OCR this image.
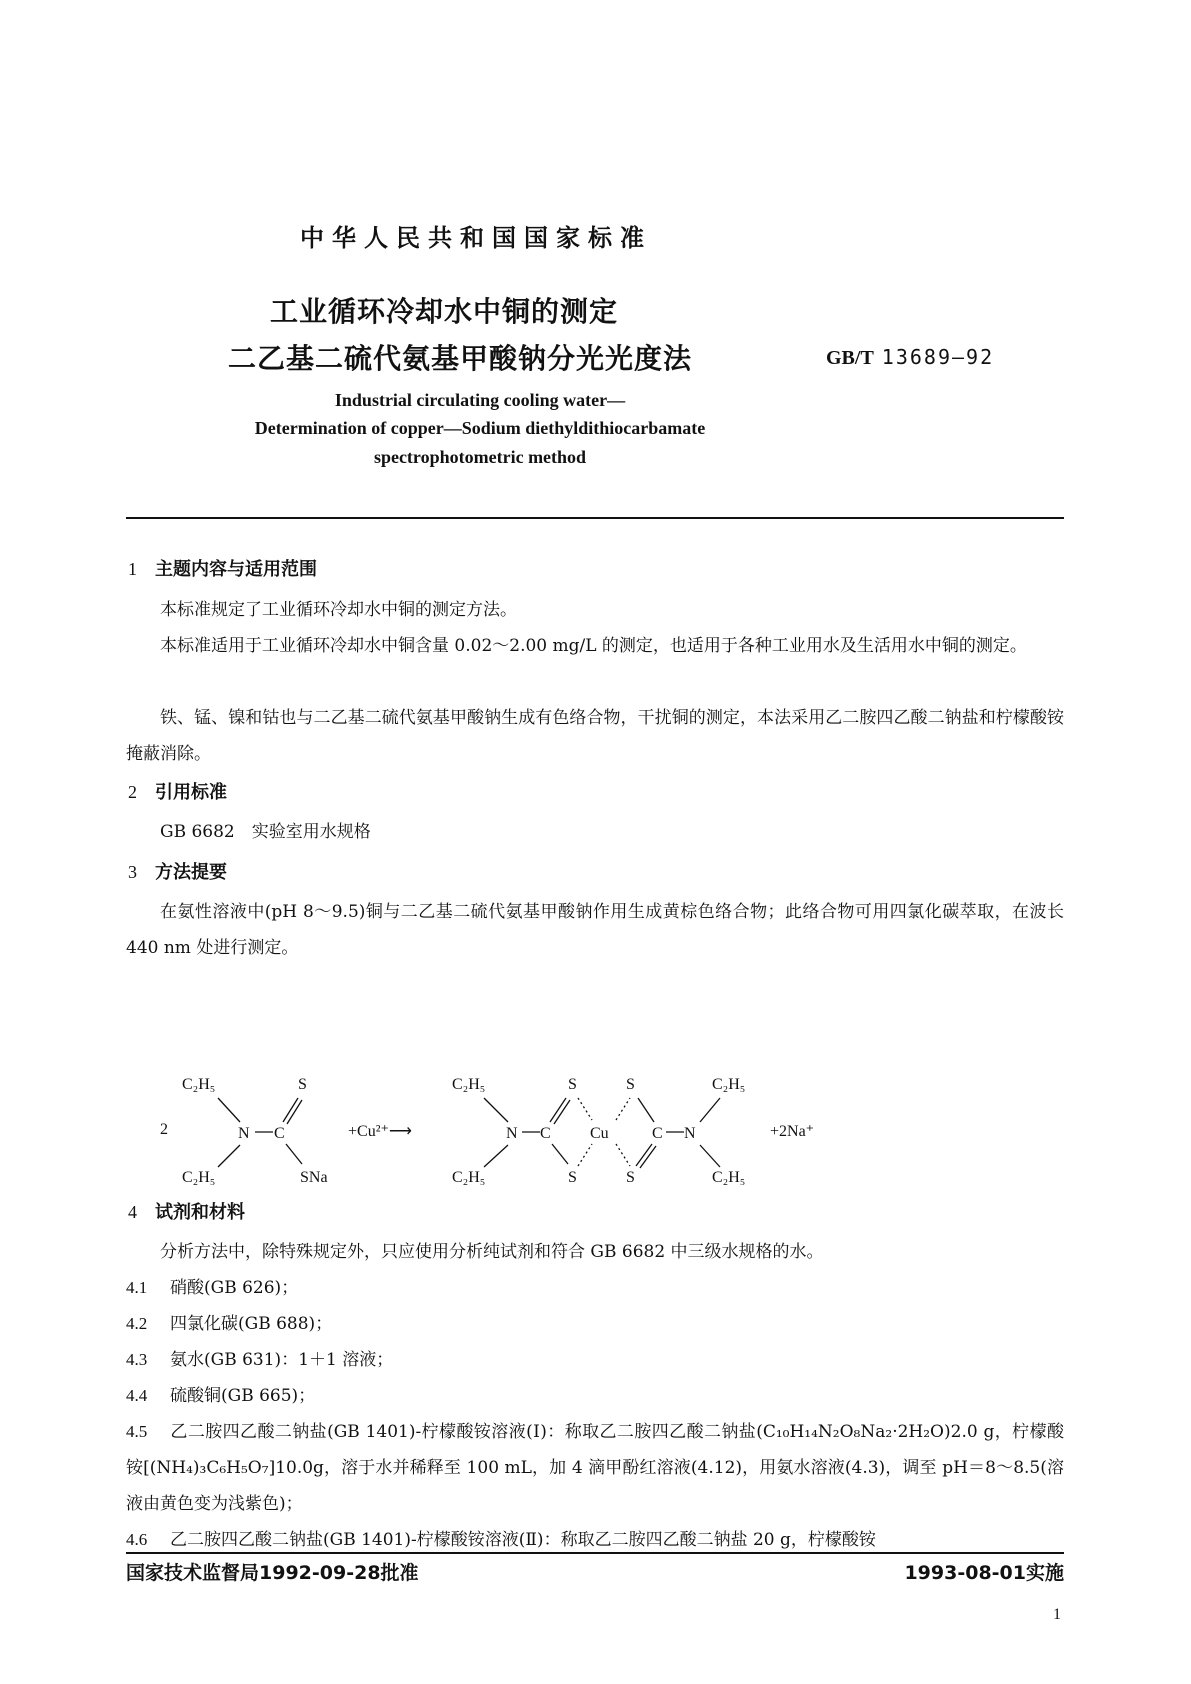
中华人民共和国国家标准
工业循环冷却水中铜的测定
二乙基二硫代氨基甲酸钠分光光度法	GB/T 13689—92
Industrial circulating cooling water—
Determination of copper—Sodium diethyldithiocarbamate
spectrophotometric method
1 主题内容与适用范围
本标准规定了工业循环冷却水中铜的测定方法。
本标准适用于工业循环冷却水中铜含量 0.02～2.00 mg/L 的测定，也适用于各种工业用水及生活用水中铜的测定。
铁、锰、镍和钴也与二乙基二硫代氨基甲酸钠生成有色络合物，干扰铜的测定，本法采用乙二胺四乙酸二钠盐和柠檬酸铵掩蔽消除。
2 引用标准
GB 6682　实验室用水规格
3 方法提要
在氨性溶液中(pH 8～9.5)铜与二乙基二硫代氨基甲酸钠作用生成黄棕色络合物；此络合物可用四氯化碳萃取，在波长 440 nm 处进行测定。
2
C₂H₅
C₂H₅
N C
S
SNa
+Cu²⁺⟶
C₂H₅
C₂H₅
N C
S
S
Cu
S
S
C N
C₂H₅
C₂H₅
+2Na⁺
4 试剂和材料
分析方法中，除特殊规定外，只应使用分析纯试剂和符合 GB 6682 中三级水规格的水。
4.1 硝酸(GB 626)；
4.2 四氯化碳(GB 688)；
4.3 氨水(GB 631)：1＋1 溶液；
4.4 硫酸铜(GB 665)；
4.5 乙二胺四乙酸二钠盐(GB 1401)-柠檬酸铵溶液(Ⅰ)：称取乙二胺四乙酸二钠盐(C₁₀H₁₄N₂O₈Na₂·2H₂O)2.0 g，柠檬酸铵[(NH₄)₃C₆H₅O₇]10.0g，溶于水并稀释至 100 mL，加 4 滴甲酚红溶液(4.12)，用氨水溶液(4.3)，调至 pH＝8～8.5(溶液由黄色变为浅紫色)；
4.6 乙二胺四乙酸二钠盐(GB 1401)-柠檬酸铵溶液(Ⅱ)：称取乙二胺四乙酸二钠盐 20 g，柠檬酸铵
国家技术监督局1992-09-28批准	1993-08-01实施
1
